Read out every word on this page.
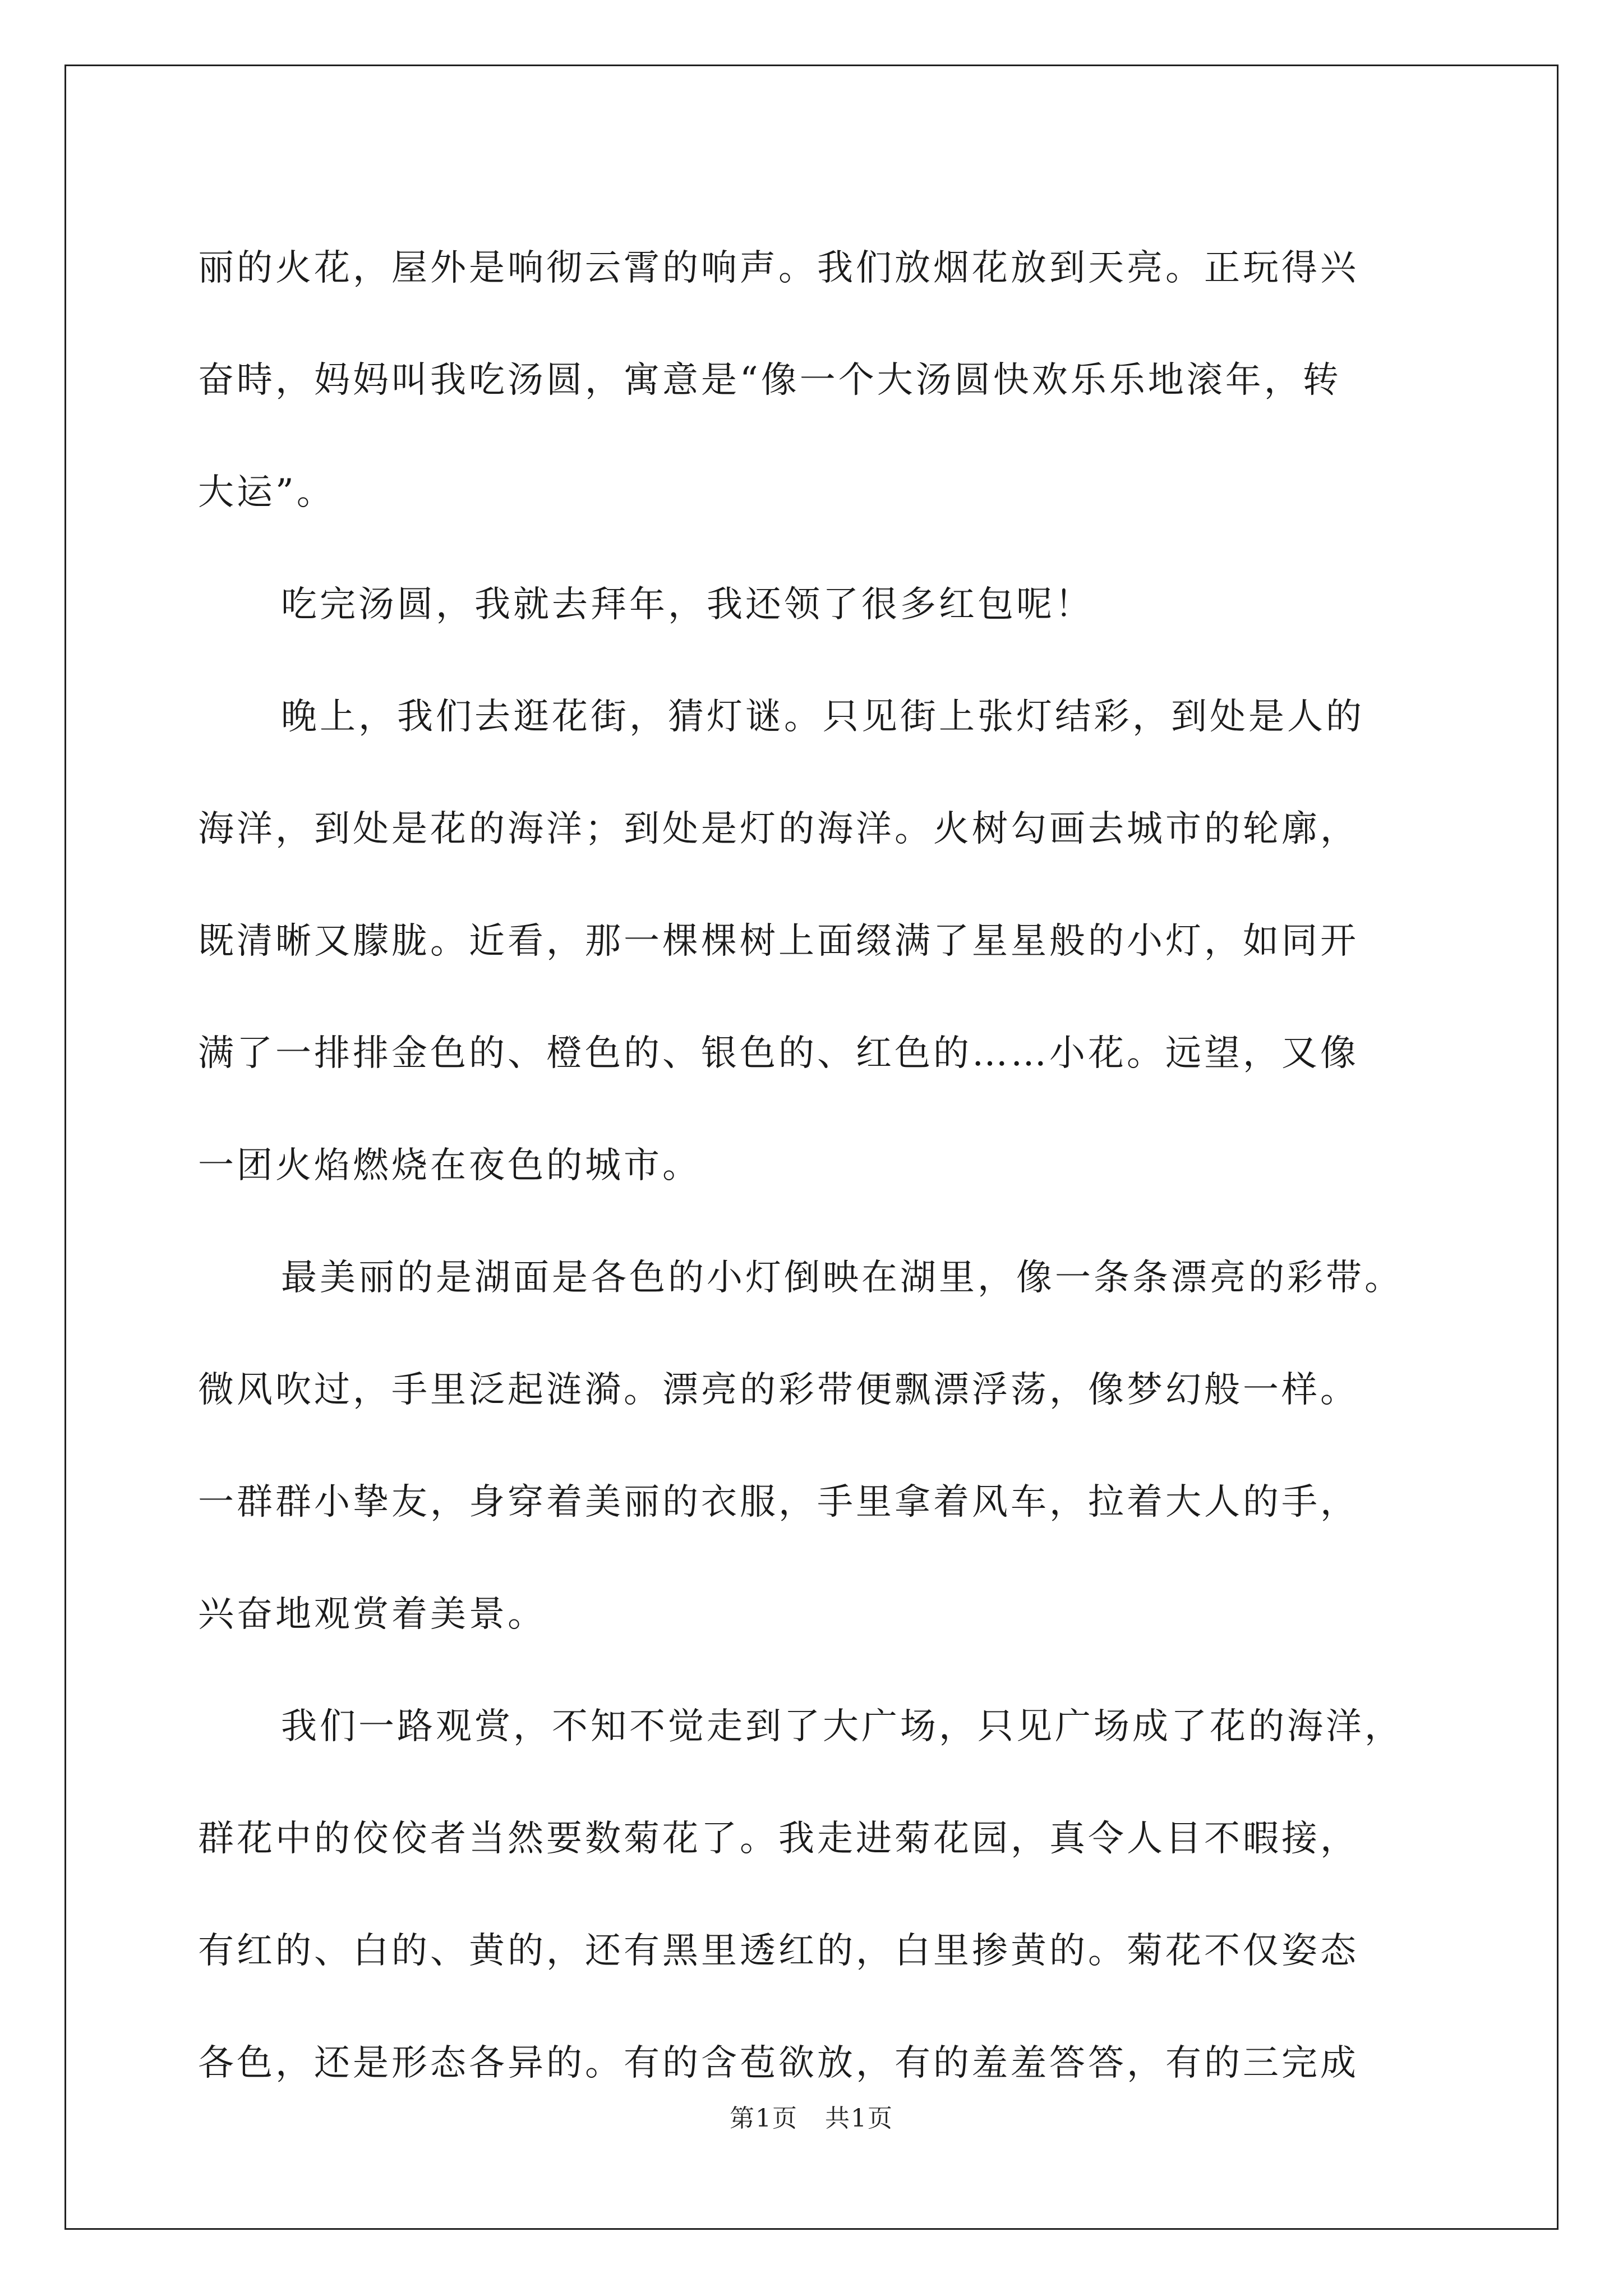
丽的火花，屋外是响彻云霄的响声。我们放烟花放到天亮。正玩得兴
奋時，妈妈叫我吃汤圆，寓意是“像一个大汤圆快欢乐乐地滚年，转
大运”。
吃完汤圆，我就去拜年，我还领了很多红包呢！
晚上，我们去逛花街，猜灯谜。只见街上张灯结彩，到处是人的
海洋，到处是花的海洋；到处是灯的海洋。火树勾画去城市的轮廓，
既清晰又朦胧。近看，那一棵棵树上面缀满了星星般的小灯，如同开
满了一排排金色的、橙色的、银色的、红色的……小花。远望，又像
一团火焰燃烧在夜色的城市。
最美丽的是湖面是各色的小灯倒映在湖里，像一条条漂亮的彩带。
微风吹过，手里泛起涟漪。漂亮的彩带便飘漂浮荡，像梦幻般一样。
一群群小挚友，身穿着美丽的衣服，手里拿着风车，拉着大人的手，
兴奋地观赏着美景。
我们一路观赏，不知不觉走到了大广场，只见广场成了花的海洋，
群花中的佼佼者当然要数菊花了。我走进菊花园，真令人目不暇接，
有红的、白的、黄的，还有黑里透红的，白里掺黄的。菊花不仅姿态
各色，还是形态各异的。有的含苞欲放，有的羞羞答答，有的三完成
第1页 共1页
